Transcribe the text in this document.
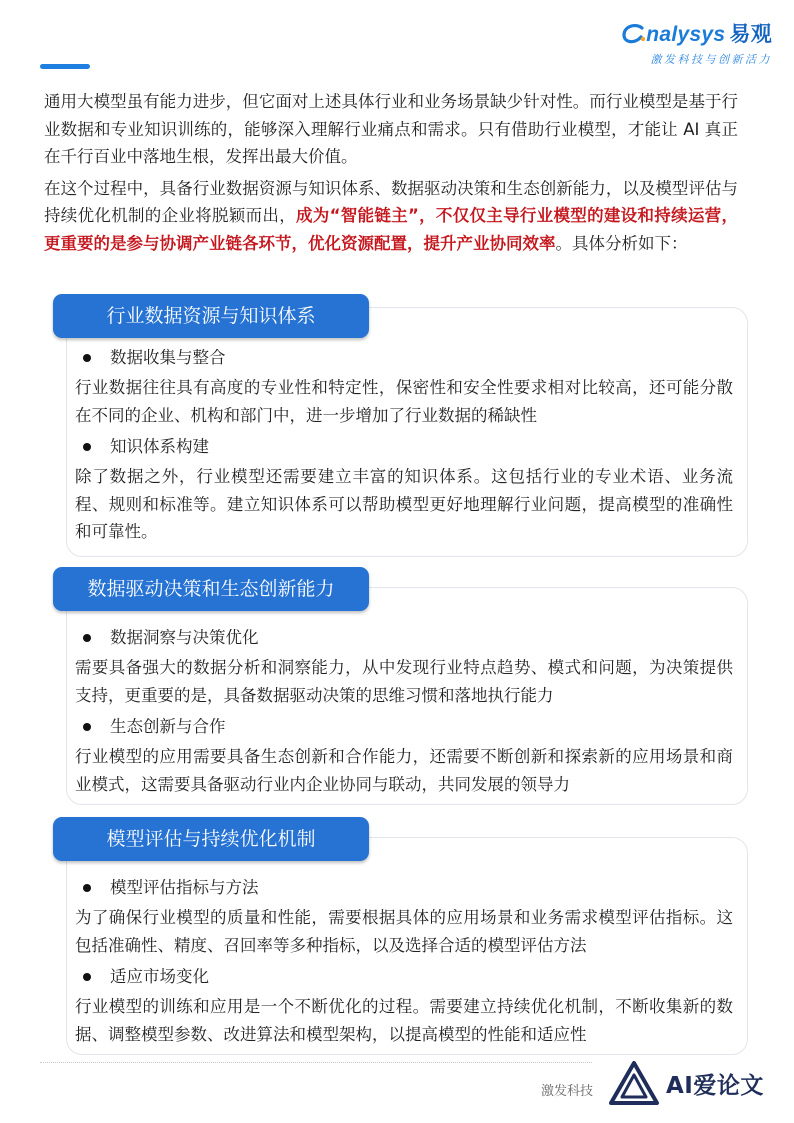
nalysys 易观
激发科技与创新活力

通用大模型虽有能力进步，但它面对上述具体行业和业务场景缺少针对性。而行业模型是基于行业数据和专业知识训练的，能够深入理解行业痛点和需求。只有借助行业模型，才能让 AI 真正在千行百业中落地生根，发挥出最大价值。

在这个过程中，具备行业数据资源与知识体系、数据驱动决策和生态创新能力，以及模型评估与持续优化机制的企业将脱颖而出，成为“智能链主”，不仅仅主导行业模型的建设和持续运营，更重要的是参与协调产业链各环节，优化资源配置，提升产业协同效率。具体分析如下：

数据收集与整合

行业数据往往具有高度的专业性和特定性，保密性和安全性要求相对比较高，还可能分散在不同的企业、机构和部门中，进一步增加了行业数据的稀缺性

知识体系构建

除了数据之外，行业模型还需要建立丰富的知识体系。这包括行业的专业术语、业务流程、规则和标准等。建立知识体系可以帮助模型更好地理解行业问题，提高模型的准确性和可靠性。

行业数据资源与知识体系
数据洞察与决策优化

需要具备强大的数据分析和洞察能力，从中发现行业特点趋势、模式和问题，为决策提供支持，更重要的是，具备数据驱动决策的思维习惯和落地执行能力

生态创新与合作

行业模型的应用需要具备生态创新和合作能力，还需要不断创新和探索新的应用场景和商业模式，这需要具备驱动行业内企业协同与联动，共同发展的领导力

数据驱动决策和生态创新能力
模型评估指标与方法

为了确保行业模型的质量和性能，需要根据具体的应用场景和业务需求模型评估指标。这包括准确性、精度、召回率等多种指标，以及选择合适的模型评估方法

适应市场变化

行业模型的训练和应用是一个不断优化的过程。需要建立持续优化机制，不断收集新的数据、调整模型参数、改进算法和模型架构，以提高模型的性能和适应性

模型评估与持续优化机制
激发科技	AI爱论文
